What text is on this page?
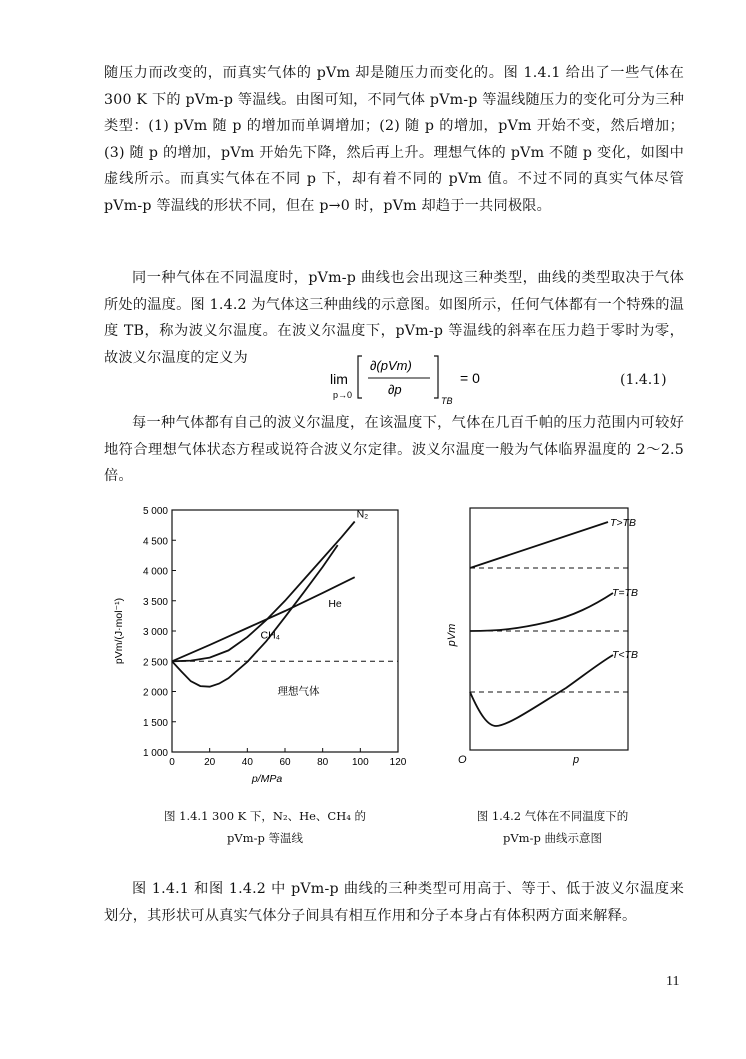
随压力而改变的，而真实气体的 pVm 却是随压力而变化的。图 1.4.1 给出了一些气体在 300 K 下的 pVm-p 等温线。由图可知，不同气体 pVm-p 等温线随压力的变化可分为三种类型：(1) pVm 随 p 的增加而单调增加；(2) 随 p 的增加，pVm 开始不变，然后增加；(3) 随 p 的增加，pVm 开始先下降，然后再上升。理想气体的 pVm 不随 p 变化，如图中虚线所示。而真实气体在不同 p 下，却有着不同的 pVm 值。不过不同的真实气体尽管 pVm-p 等温线的形状不同，但在 p→0 时，pVm 却趋于一共同极限。
同一种气体在不同温度时，pVm-p 曲线也会出现这三种类型，曲线的类型取决于气体所处的温度。图 1.4.2 为气体这三种曲线的示意图。如图所示，任何气体都有一个特殊的温度 TB，称为波义尔温度。在波义尔温度下，pVm-p 等温线的斜率在压力趋于零时为零，故波义尔温度的定义为
lim
p→0
∂(pVm)
∂p
TB
= 0	(1.4.1)
每一种气体都有自己的波义尔温度，在该温度下，气体在几百千帕的压力范围内可较好地符合理想气体状态方程或说符合波义尔定律。波义尔温度一般为气体临界温度的 2～2.5 倍。
1 000
1 500
2 000
2 500
3 000
3 500
4 000
4 500
5 000
0	20	40	60	80 100 120
p/MPa
pVm/(J·mol⁻¹)
N₂
He
CH₄
理想气体
T>TB
T=TB
T<TB
pVm
O	p
图 1.4.1 300 K 下，N₂、He、CH₄ 的
pVm-p 等温线
图 1.4.2 气体在不同温度下的
pVm-p 曲线示意图
图 1.4.1 和图 1.4.2 中 pVm-p 曲线的三种类型可用高于、等于、低于波义尔温度来划分，其形状可从真实气体分子间具有相互作用和分子本身占有体积两方面来解释。
11
